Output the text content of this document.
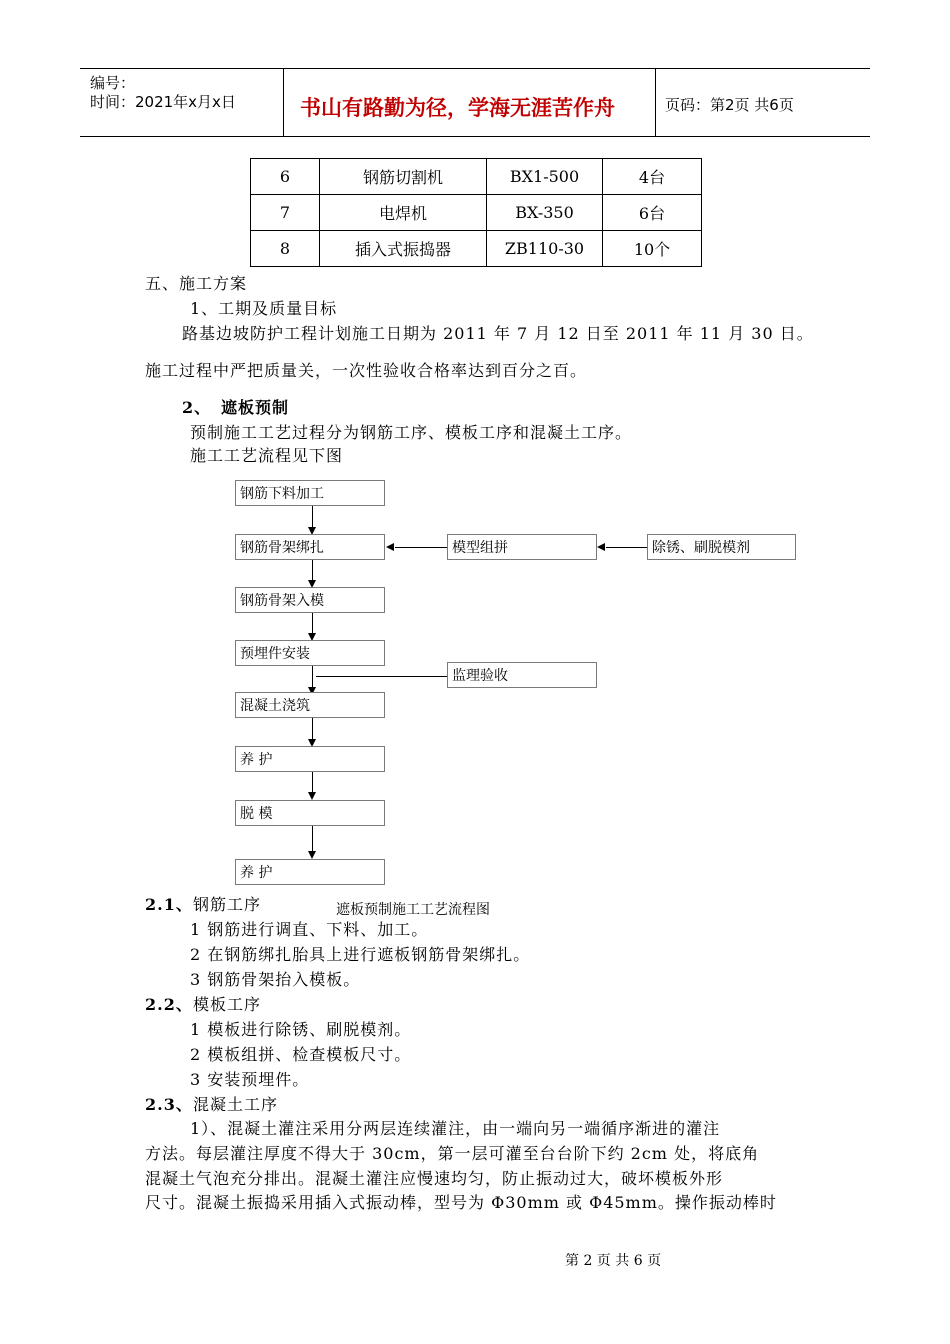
编号：
时间：2021年x月x日	书山有路勤为径，学海无涯苦作舟	页码：第2页 共6页
6	钢筋切割机	BX1-500	4台
7	电焊机	BX-350	6台
8	插入式振捣器	ZB110-30	10个
五、施工方案
1、工期及质量目标
路基边坡防护工程计划施工日期为 2011 年 7 月 12 日至 2011 年 11 月 30 日。
施工过程中严把质量关，一次性验收合格率达到百分之百。
2、 遮板预制
预制施工工艺过程分为钢筋工序、模板工序和混凝土工序。
施工工艺流程见下图
钢筋下料加工
钢筋骨架绑扎
钢筋骨架入模
预埋件安装
混凝土浇筑
养 护
脱 模
养 护
模型组拼	除锈、刷脱模剂
监理验收
2.1、 钢筋工序	遮板预制施工工艺流程图
1 钢筋进行调直、下料、加工。
2 在钢筋绑扎胎具上进行遮板钢筋骨架绑扎。
3 钢筋骨架抬入模板。
2.2、 模板工序
1 模板进行除锈、刷脱模剂。
2 模板组拼、检查模板尺寸。
3 安装预埋件。
2.3、 混凝土工序
1）、混凝土灌注采用分两层连续灌注，由一端向另一端循序渐进的灌注
方法。每层灌注厚度不得大于 30cm，第一层可灌至台台阶下约 2cm 处，将底角
混凝土气泡充分排出。混凝土灌注应慢速均匀，防止振动过大，破坏模板外形
尺寸。混凝土振捣采用插入式振动棒，型号为 Φ30mm 或 Φ45mm。操作振动棒时
第 2 页 共 6 页
